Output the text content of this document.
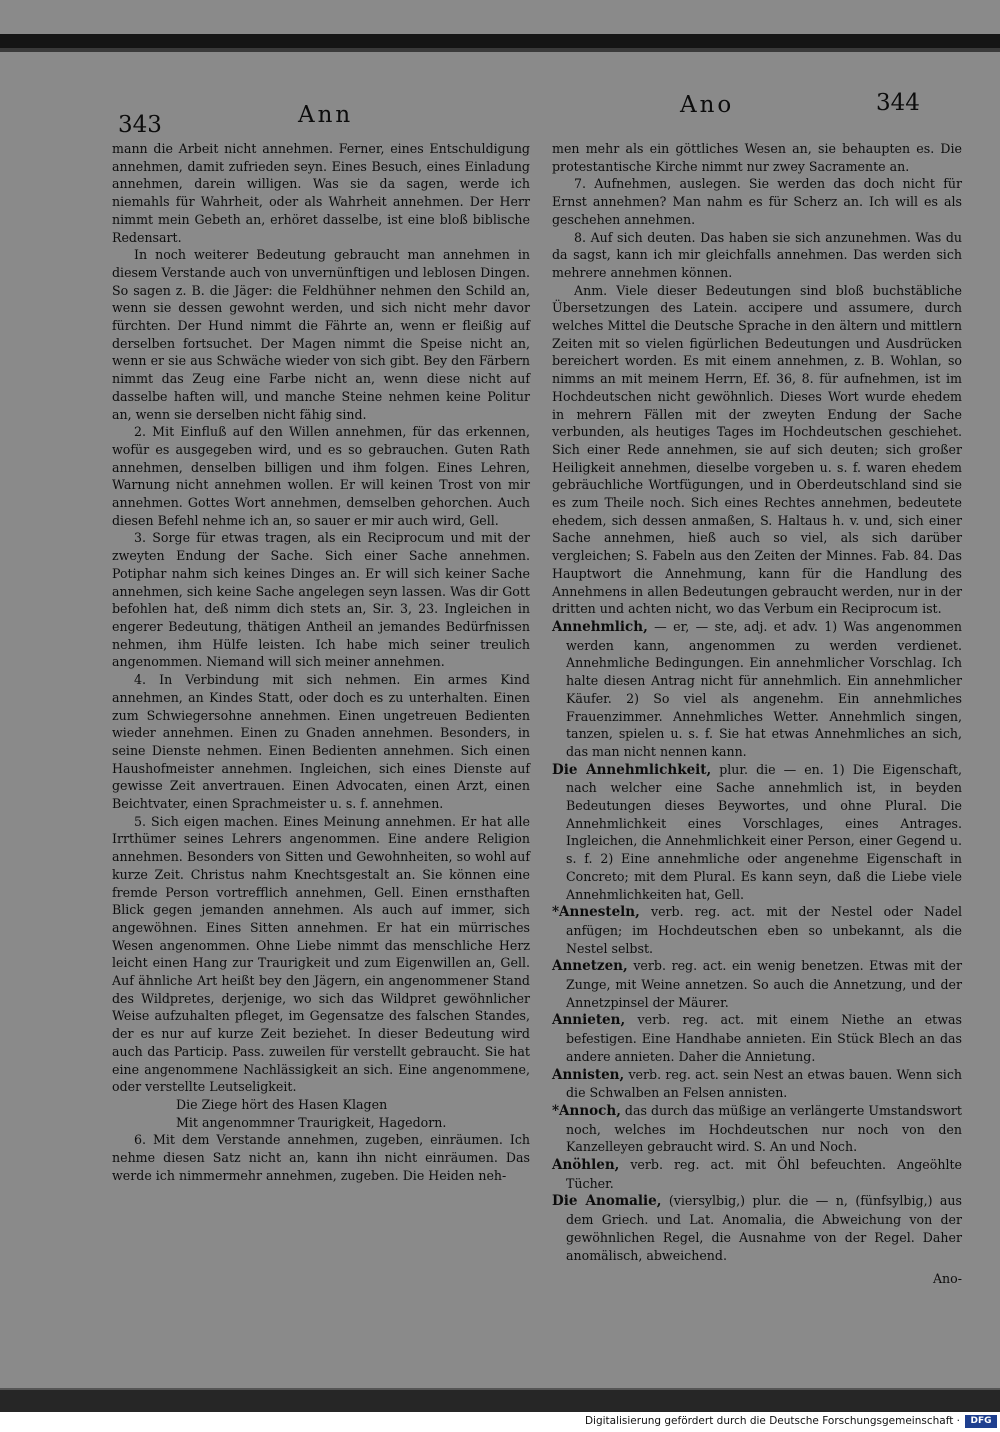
343	Ann

mann die Arbeit nicht annehmen. Ferner, eines Entschuldigung annehmen, damit zufrieden seyn. Eines Besuch, eines Einladung annehmen, darein willigen. Was sie da sagen, werde ich niemahls für Wahrheit, oder als Wahrheit annehmen. Der Herr nimmt mein Gebeth an, erhöret dasselbe, ist eine bloß biblische Redensart.

In noch weiterer Bedeutung gebraucht man annehmen in diesem Verstande auch von unvernünftigen und leblosen Dingen. So sagen z. B. die Jäger: die Feldhühner nehmen den Schild an, wenn sie dessen gewohnt werden, und sich nicht mehr davor fürchten. Der Hund nimmt die Fährte an, wenn er fleißig auf derselben fortsuchet. Der Magen nimmt die Speise nicht an, wenn er sie aus Schwäche wieder von sich gibt. Bey den Färbern nimmt das Zeug eine Farbe nicht an, wenn diese nicht auf dasselbe haften will, und manche Steine nehmen keine Politur an, wenn sie derselben nicht fähig sind.

2. Mit Einfluß auf den Willen annehmen, für das erkennen, wofür es ausgegeben wird, und es so gebrauchen. Guten Rath annehmen, denselben billigen und ihm folgen. Eines Lehren, Warnung nicht annehmen wollen. Er will keinen Trost von mir annehmen. Gottes Wort annehmen, demselben gehorchen. Auch diesen Befehl nehme ich an, so sauer er mir auch wird, Gell.

3. Sorge für etwas tragen, als ein Reciprocum und mit der zweyten Endung der Sache. Sich einer Sache annehmen. Potiphar nahm sich keines Dinges an. Er will sich keiner Sache annehmen, sich keine Sache angelegen seyn lassen. Was dir Gott befohlen hat, deß nimm dich stets an, Sir. 3, 23. Ingleichen in engerer Bedeutung, thätigen Antheil an jemandes Bedürfnissen nehmen, ihm Hülfe leisten. Ich habe mich seiner treulich angenommen. Niemand will sich meiner annehmen.

4. In Verbindung mit sich nehmen. Ein armes Kind annehmen, an Kindes Statt, oder doch es zu unterhalten. Einen zum Schwiegersohne annehmen. Einen ungetreuen Bedienten wieder annehmen. Einen zu Gnaden annehmen. Besonders, in seine Dienste nehmen. Einen Bedienten annehmen. Sich einen Haushofmeister annehmen. Ingleichen, sich eines Dienste auf gewisse Zeit anvertrauen. Einen Advocaten, einen Arzt, einen Beichtvater, einen Sprachmeister u. s. f. annehmen.

5. Sich eigen machen. Eines Meinung annehmen. Er hat alle Irrthümer seines Lehrers angenommen. Eine andere Religion annehmen. Besonders von Sitten und Gewohnheiten, so wohl auf kurze Zeit. Christus nahm Knechtsgestalt an. Sie können eine fremde Person vortrefflich annehmen, Gell. Einen ernsthaften Blick gegen jemanden annehmen. Als auch auf immer, sich angewöhnen. Eines Sitten annehmen. Er hat ein mürrisches Wesen angenommen. Ohne Liebe nimmt das menschliche Herz leicht einen Hang zur Traurigkeit und zum Eigenwillen an, Gell. Auf ähnliche Art heißt bey den Jägern, ein angenommener Stand des Wildpretes, derjenige, wo sich das Wildpret gewöhnlicher Weise aufzuhalten pfleget, im Gegensatze des falschen Standes, der es nur auf kurze Zeit beziehet. In dieser Bedeutung wird auch das Particip. Pass. zuweilen für verstellt gebraucht. Sie hat eine angenommene Nachlässigkeit an sich. Eine angenommene, oder verstellte Leutseligkeit.

Die Ziege hört des Hasen Klagen

Mit angenommner Traurigkeit, Hagedorn.

6. Mit dem Verstande annehmen, zugeben, einräumen. Ich nehme diesen Satz nicht an, kann ihn nicht einräumen. Das werde ich nimmermehr annehmen, zugeben. Die Heiden neh-

Ano	344

men mehr als ein göttliches Wesen an, sie behaupten es. Die protestantische Kirche nimmt nur zwey Sacramente an.

7. Aufnehmen, auslegen. Sie werden das doch nicht für Ernst annehmen? Man nahm es für Scherz an. Ich will es als geschehen annehmen.

8. Auf sich deuten. Das haben sie sich anzunehmen. Was du da sagst, kann ich mir gleichfalls annehmen. Das werden sich mehrere annehmen können.

Anm. Viele dieser Bedeutungen sind bloß buchstäbliche Übersetzungen des Latein. accipere und assumere, durch welches Mittel die Deutsche Sprache in den ältern und mittlern Zeiten mit so vielen figürlichen Bedeutungen und Ausdrücken bereichert worden. Es mit einem annehmen, z. B. Wohlan, so nimms an mit meinem Herrn, Ef. 36, 8. für aufnehmen, ist im Hochdeutschen nicht gewöhnlich. Dieses Wort wurde ehedem in mehrern Fällen mit der zweyten Endung der Sache verbunden, als heutiges Tages im Hochdeutschen geschiehet. Sich einer Rede annehmen, sie auf sich deuten; sich großer Heiligkeit annehmen, dieselbe vorgeben u. s. f. waren ehedem gebräuchliche Wortfügungen, und in Oberdeutschland sind sie es zum Theile noch. Sich eines Rechtes annehmen, bedeutete ehedem, sich dessen anmaßen, S. Haltaus h. v. und, sich einer Sache annehmen, hieß auch so viel, als sich darüber vergleichen; S. Fabeln aus den Zeiten der Minnes. Fab. 84. Das Hauptwort die Annehmung, kann für die Handlung des Annehmens in allen Bedeutungen gebraucht werden, nur in der dritten und achten nicht, wo das Verbum ein Reciprocum ist.

Annehmlich, — er, — ste, adj. et adv. 1) Was angenommen werden kann, angenommen zu werden verdienet. Annehmliche Bedingungen. Ein annehmlicher Vorschlag. Ich halte diesen Antrag nicht für annehmlich. Ein annehmlicher Käufer. 2) So viel als angenehm. Ein annehmliches Frauenzimmer. Annehmliches Wetter. Annehmlich singen, tanzen, spielen u. s. f. Sie hat etwas Annehmliches an sich, das man nicht nennen kann.

Die Annehmlichkeit, plur. die — en. 1) Die Eigenschaft, nach welcher eine Sache annehmlich ist, in beyden Bedeutungen dieses Beywortes, und ohne Plural. Die Annehmlichkeit eines Vorschlages, eines Antrages. Ingleichen, die Annehmlichkeit einer Person, einer Gegend u. s. f. 2) Eine annehmliche oder angenehme Eigenschaft in Concreto; mit dem Plural. Es kann seyn, daß die Liebe viele Annehmlichkeiten hat, Gell.

*Annesteln, verb. reg. act. mit der Nestel oder Nadel anfügen; im Hochdeutschen eben so unbekannt, als die Nestel selbst.

Annetzen, verb. reg. act. ein wenig benetzen. Etwas mit der Zunge, mit Weine annetzen. So auch die Annetzung, und der Annetzpinsel der Mäurer.

Annieten, verb. reg. act. mit einem Niethe an etwas befestigen. Eine Handhabe annieten. Ein Stück Blech an das andere annieten. Daher die Annietung.

Annisten, verb. reg. act. sein Nest an etwas bauen. Wenn sich die Schwalben an Felsen annisten.

*Annoch, das durch das müßige an verlängerte Umstandswort noch, welches im Hochdeutschen nur noch von den Kanzelleyen gebraucht wird. S. An und Noch.

Anöhlen, verb. reg. act. mit Öhl befeuchten. Angeöhlte Tücher.

Die Anomalie, (viersylbig,) plur. die — n, (fünfsylbig,) aus dem Griech. und Lat. Anomalia, die Abweichung von der gewöhnlichen Regel, die Ausnahme von der Regel. Daher anomälisch, abweichend.

Ano-
Digitalisierung gefördert durch die Deutsche Forschungsgemeinschaft ·	DFG
